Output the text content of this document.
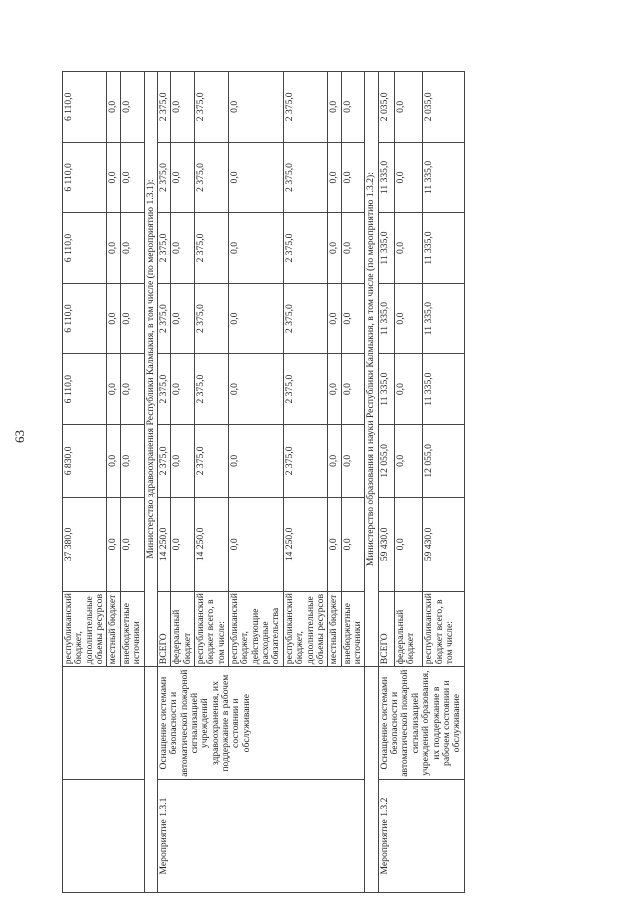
63
		республиканский бюджет, дополнительные объемы ресурсов	37 380,0	6 830,0	6 110,0	6 110,0	6 110,0	6 110,0	6 110,0
		местный бюджет	0,0	0,0	0,0	0,0	0,0	0,0	0,0
		внебюджетные источники	0,0	0,0	0,0	0,0	0,0	0,0	0,0
		Министерство здравоохранения Республики Калмыкия, в том числе (по мероприятию 1.3.1):							
Мероприятие 1.3.1	Оснащение системами безопасности и автоматической пожарной сигнализацией учреждений здравоохранения, их поддержание в рабочем состоянии и обслуживание	ВСЕГО	14 250,0	2 375,0	2 375,0	2 375,0	2 375,0	2 375,0	2 375,0
		федеральный бюджет	0,0	0,0	0,0	0,0	0,0	0,0	0,0
		республиканский бюджет всего, в том числе:	14 250,0	2 375,0	2 375,0	2 375,0	2 375,0	2 375,0	2 375,0
		республиканский бюджет, действующие расходные обязательства	0,0	0,0	0,0	0,0	0,0	0,0	0,0
		республиканский бюджет, дополнительные объемы ресурсов	14 250,0	2 375,0	2 375,0	2 375,0	2 375,0	2 375,0	2 375,0
		местный бюджет	0,0	0,0	0,0	0,0	0,0	0,0	0,0
		внебюджетные источники	0,0	0,0	0,0	0,0	0,0	0,0	0,0
		Министерство образования и науки Республики Калмыкия, в том числе (по мероприятию 1.3.2):							
Мероприятие 1.3.2	Оснащение системами безопасности и автоматической пожарной сигнализацией учреждений образования, их поддержание в рабочем состоянии и обслуживание	ВСЕГО	59 430,0	12 055,0	11 335,0	11 335,0	11 335,0	11 335,0	2 035,0
		федеральный бюджет	0,0	0,0	0,0	0,0	0,0	0,0	0,0
		республиканский бюджет всего, в том числе:	59 430,0	12 055,0	11 335,0	11 335,0	11 335,0	11 335,0	2 035,0
